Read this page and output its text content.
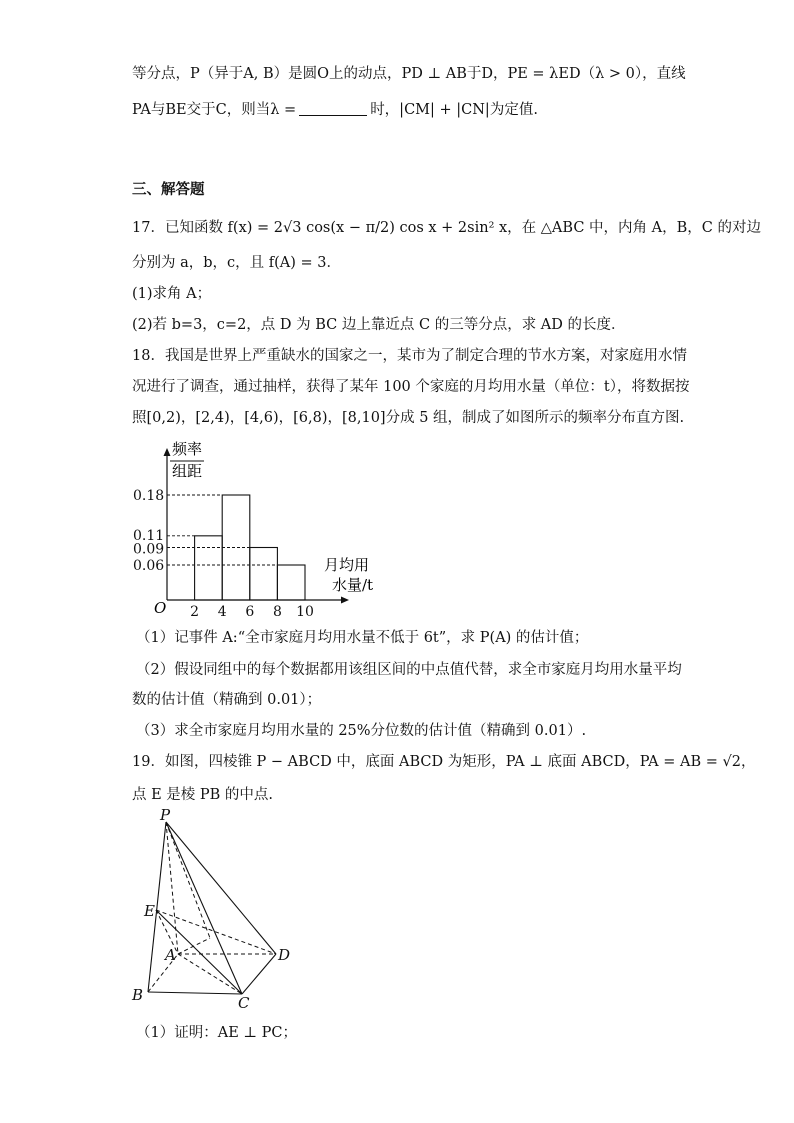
等分点，P（异于A, B）是圆O上的动点，PD ⊥ AB于D，PE = λED（λ > 0），直线
PA与BE交于C，则当λ =	时，|CM| + |CN|为定值.
三、解答题
17．已知函数 f(x) = 2√3 cos(x − π/2) cos x + 2sin² x，在 △ABC 中，内角 A，B，C 的对边
分别为 a，b，c，且 f(A) = 3．
(1)求角 A；
(2)若 b=3，c=2，点 D 为 BC 边上靠近点 C 的三等分点，求 AD 的长度．
18．我国是世界上严重缺水的国家之一，某市为了制定合理的节水方案，对家庭用水情
况进行了调查，通过抽样，获得了某年 100 个家庭的月均用水量（单位：t），将数据按
照[0,2)，[2,4)，[4,6)，[6,8)，[8,10]分成 5 组，制成了如图所示的频率分布直方图.
频率
组距
月均用
水量/t
O
0.18
0.11
0.09
0.06
2 4 6 8 10
（1）记事件 A:“全市家庭月均用水量不低于 6t”，求 P(A) 的估计值；
（2）假设同组中的每个数据都用该组区间的中点值代替，求全市家庭月均用水量平均
数的估计值（精确到 0.01）；
（3）求全市家庭月均用水量的 25%分位数的估计值（精确到 0.01）.
19．如图，四棱锥 P − ABCD 中，底面 ABCD 为矩形，PA ⊥ 底面 ABCD，PA = AB = √2，
点 E 是棱 PB 的中点.
P
E
A
B	C
D
（1）证明：AE ⊥ PC；
